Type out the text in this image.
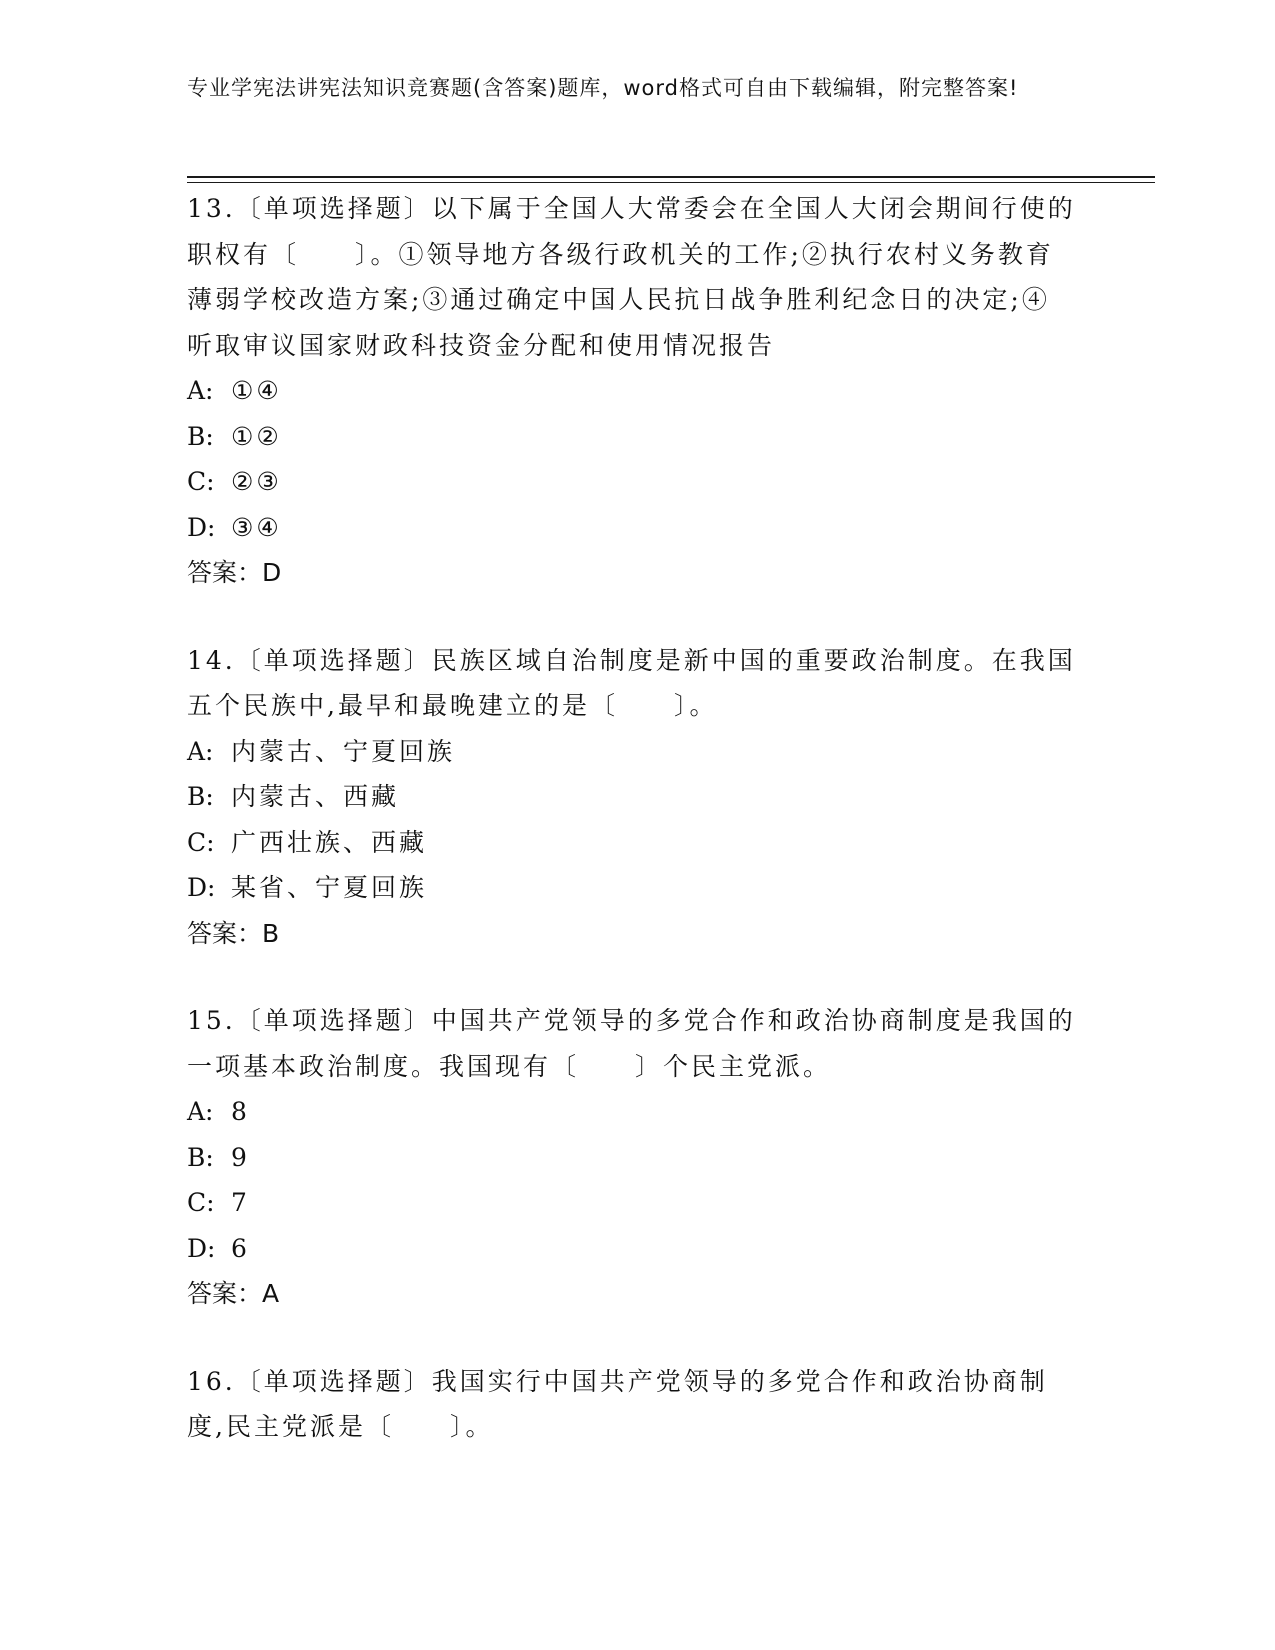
专业学宪法讲宪法知识竞赛题(含答案)题库，word格式可自由下载编辑，附完整答案!

13.〔单项选择题〕以下属于全国人大常委会在全国人大闭会期间行使的职权有〔　　〕。①领导地方各级行政机关的工作;②执行农村义务教育薄弱学校改造方案;③通过确定中国人民抗日战争胜利纪念日的决定;④听取审议国家财政科技资金分配和使用情况报告

A: ①④
B: ①②
C: ②③
D: ③④

答案：D

14.〔单项选择题〕民族区域自治制度是新中国的重要政治制度。在我国五个民族中,最早和最晚建立的是〔　　〕。

A: 内蒙古、宁夏回族
B: 内蒙古、西藏
C: 广西壮族、西藏
D: 某省、宁夏回族

答案：B

15.〔单项选择题〕中国共产党领导的多党合作和政治协商制度是我国的一项基本政治制度。我国现有〔　　〕个民主党派。

A: 8
B: 9
C: 7
D: 6

答案：A

16.〔单项选择题〕我国实行中国共产党领导的多党合作和政治协商制度,民主党派是〔　　〕。
